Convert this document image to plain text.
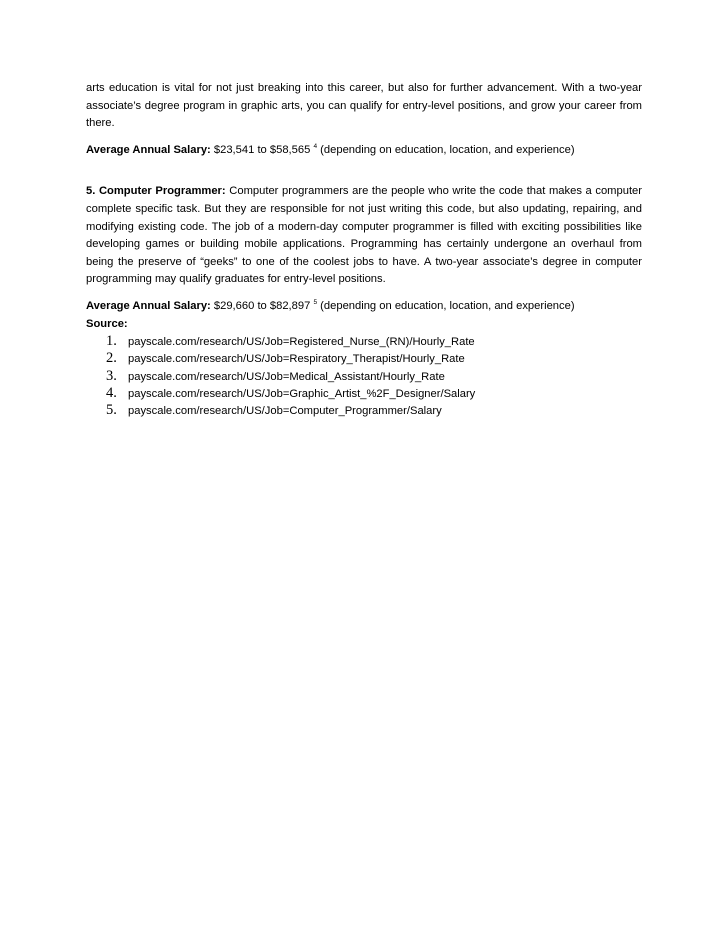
arts education is vital for not just breaking into this career, but also for further advancement. With a two-year associate’s degree program in graphic arts, you can qualify for entry-level positions, and grow your career from there.

Average Annual Salary: $23,541 to $58,565 $^4$ (depending on education, location, and experience)

5. Computer Programmer: Computer programmers are the people who write the code that makes a computer complete specific task. But they are responsible for not just writing this code, but also updating, repairing, and modifying existing code. The job of a modern-day computer programmer is filled with exciting possibilities like developing games or building mobile applications. Programming has certainly undergone an overhaul from being the preserve of “geeks” to one of the coolest jobs to have. A two-year associate’s degree in computer programming may qualify graduates for entry-level positions.

Average Annual Salary: $29,660 to $82,897 $^5$ (depending on education, location, and experience)

Source:

1. payscale.com/research/US/Job=Registered_Nurse_(RN)/Hourly_Rate
2. payscale.com/research/US/Job=Respiratory_Therapist/Hourly_Rate
3. payscale.com/research/US/Job=Medical_Assistant/Hourly_Rate
4. payscale.com/research/US/Job=Graphic_Artist_%2F_Designer/Salary
5. payscale.com/research/US/Job=Computer_Programmer/Salary
